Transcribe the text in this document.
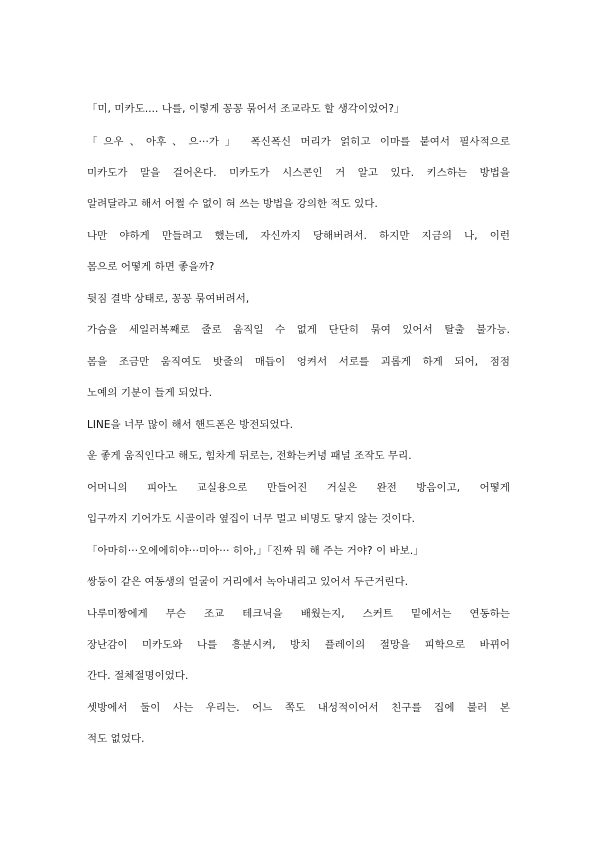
「미, 미카도.... 나를, 이렇게 꽁꽁 묶어서 조교라도 할 생각이었어?」
「으우、아후、으···가」 폭신폭신 머리가 얽히고 이마를 붙여서 필사적으로
미카도가 말을 걸어온다. 미카도가 시스콘인 거 알고 있다. 키스하는 방법을
알려달라고 해서 어쩔 수 없이 혀 쓰는 방법을 강의한 적도 있다.
나만 야하게 만들려고 했는데, 자신까지 당해버려서. 하지만 지금의 나, 이런
몸으로 어떻게 하면 좋을까?
뒷짐 결박 상태로, 꽁꽁 묶여버려서,
가슴을 세일러복째로 줄로 움직일 수 없게 단단히 묶여 있어서 탈출 불가능.
몸을 조금만 움직여도 밧줄의 매듭이 엉켜서 서로를 괴롭게 하게 되어, 점점
노예의 기분이 들게 되었다.
LINE을 너무 많이 해서 핸드폰은 방전되었다.
운 좋게 움직인다고 해도, 힘차게 뒤로는, 전화는커녕 패널 조작도 무리.
어머니의 피아노 교실용으로 만들어진 거실은 완전 방음이고, 어떻게
입구까지 기어가도 시골이라 옆집이 너무 멀고 비명도 닿지 않는 것이다.
「아마히···오에에히야···미아··· 히아,」「진짜 뭐 해 주는 거야? 이 바보.」
쌍둥이 같은 여동생의 얼굴이 거리에서 녹아내리고 있어서 두근거린다.
나루미짱에게 무슨 조교 테크닉을 배웠는지, 스커트 밑에서는 연동하는
장난감이 미카도와 나를 흥분시켜, 방치 플레이의 절망을 피학으로 바뀌어
간다. 절체절명이었다.
셋방에서 둘이 사는 우리는. 어느 쪽도 내성적이어서 친구를 집에 불러 본
적도 없었다.
